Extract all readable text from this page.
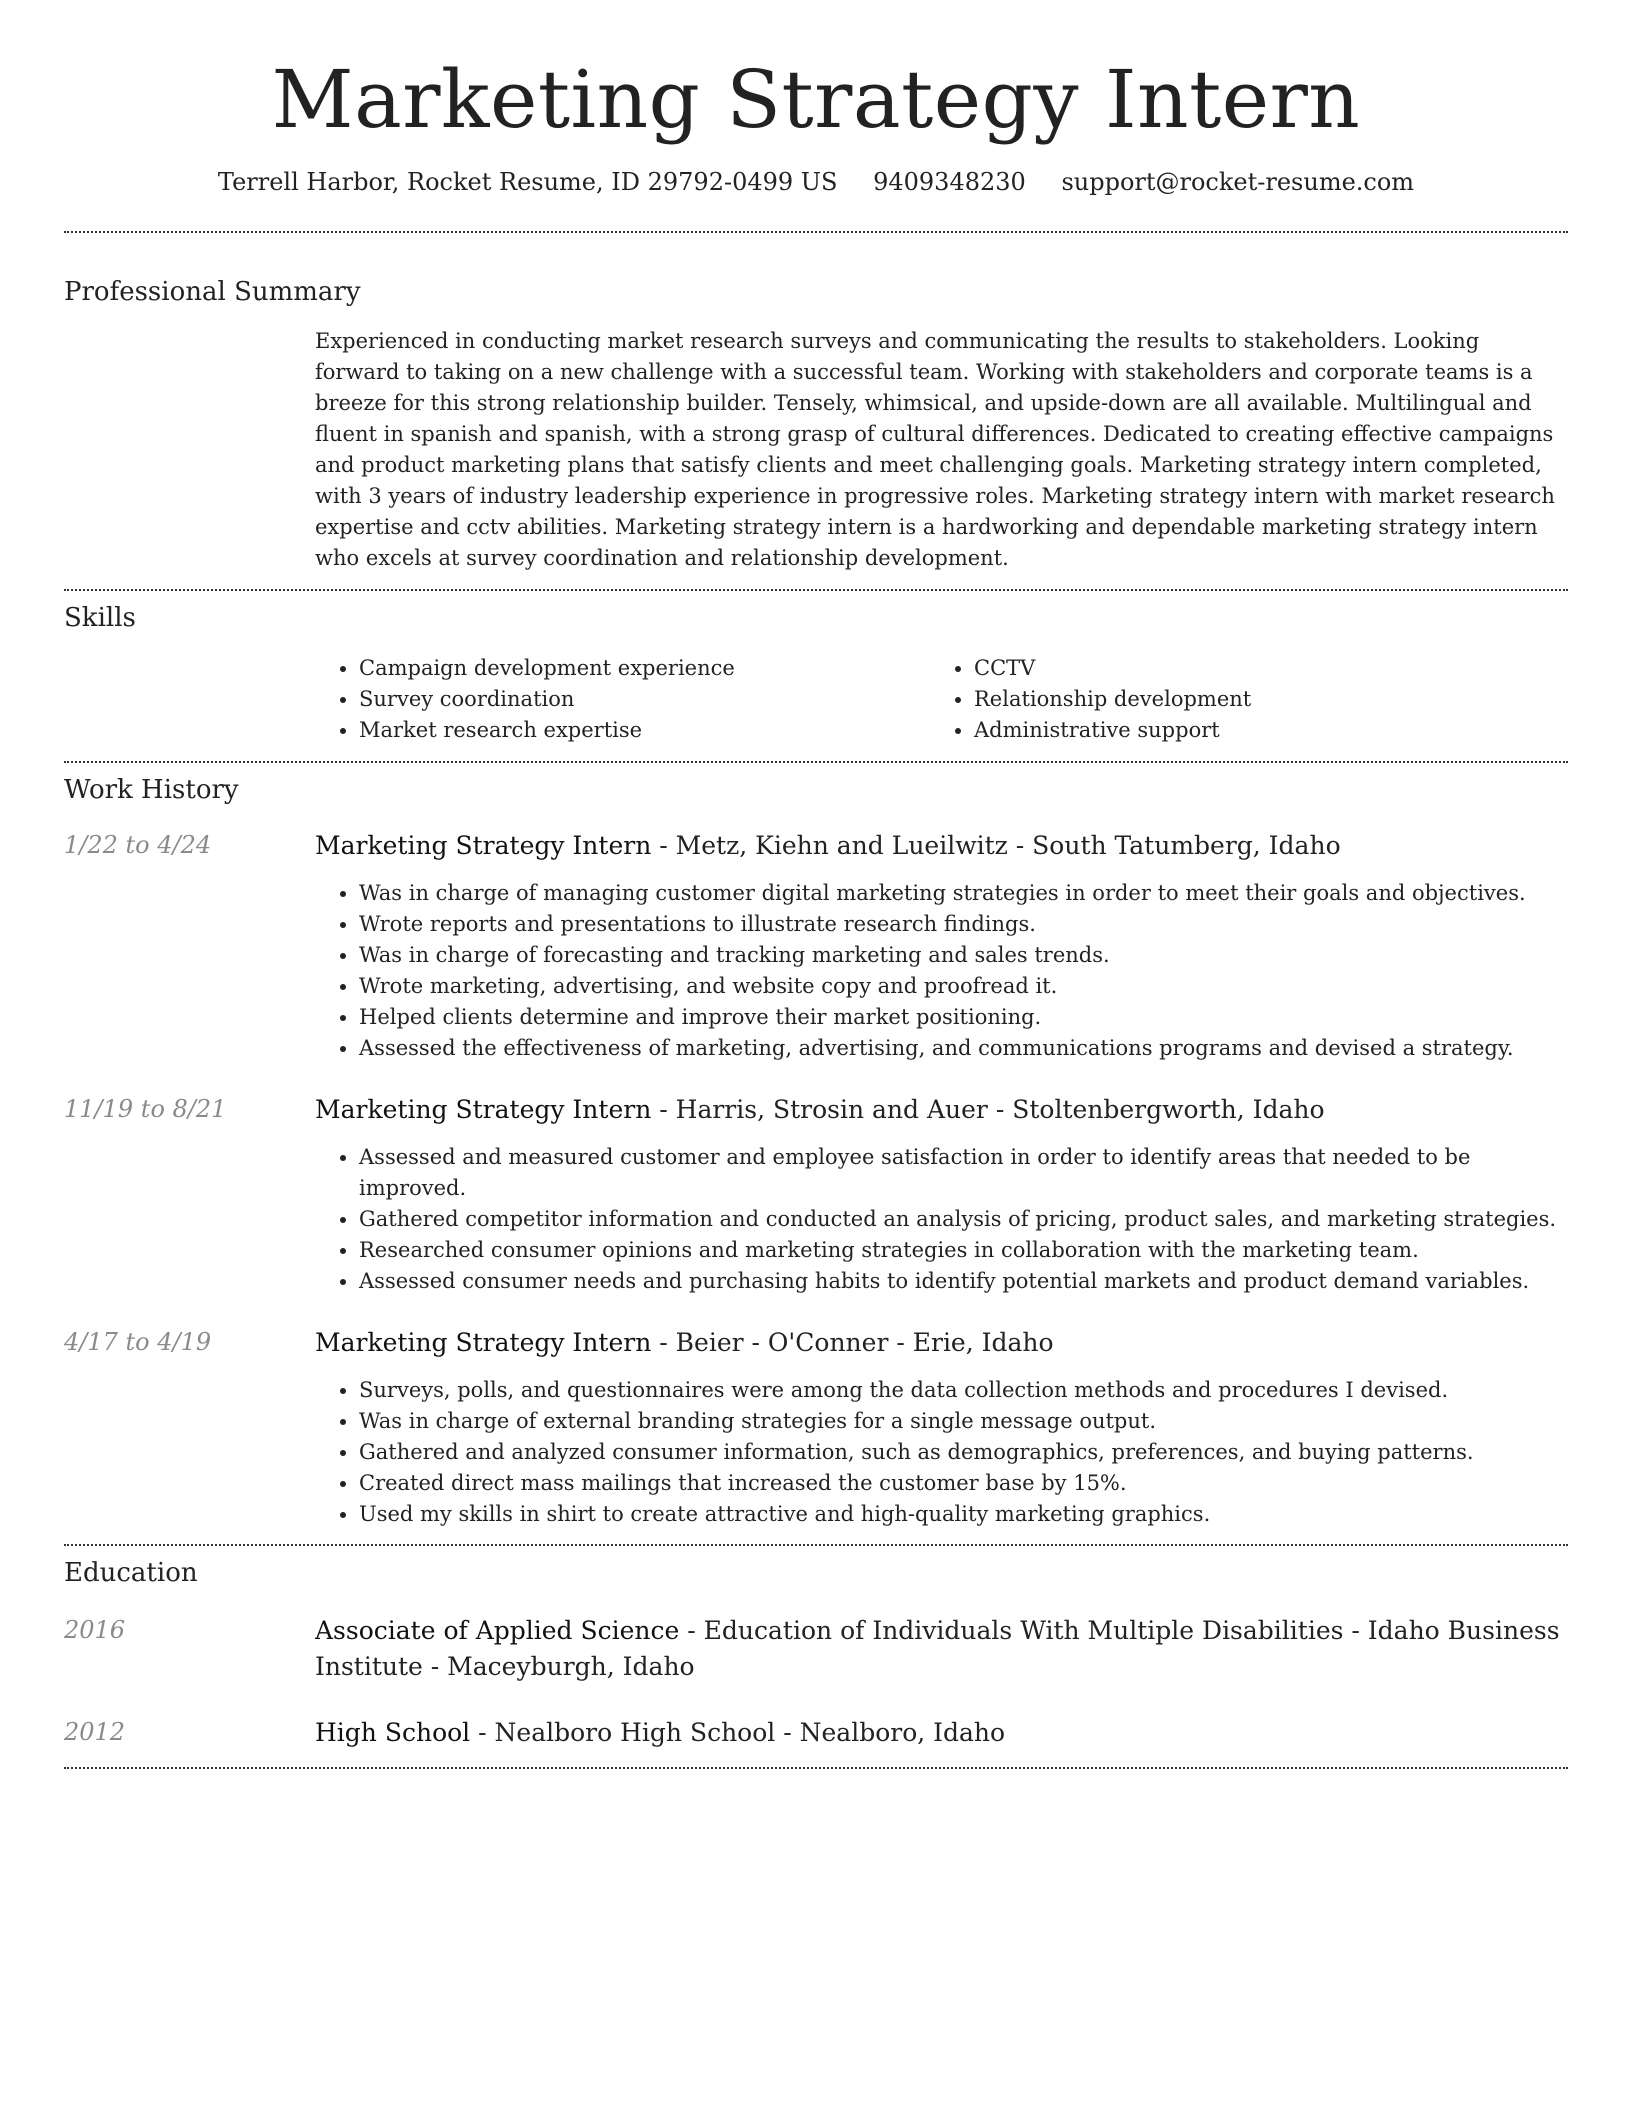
Marketing Strategy Intern
Terrell Harbor, Rocket Resume, ID 29792-0499 US 9409348230 support@rocket-resume.com
Professional Summary

Experienced in conducting market research surveys and communicating the results to stakeholders. Looking forward to taking on a new challenge with a successful team. Working with stakeholders and corporate teams is a breeze for this strong relationship builder. Tensely, whimsical, and upside-down are all available. Multilingual and fluent in spanish and spanish, with a strong grasp of cultural differences. Dedicated to creating effective campaigns and product marketing plans that satisfy clients and meet challenging goals. Marketing strategy intern completed, with 3 years of industry leadership experience in progressive roles. Marketing strategy intern with market research expertise and cctv abilities. Marketing strategy intern is a hardworking and dependable marketing strategy intern who excels at survey coordination and relationship development.

Skills
• Campaign development experience
• Survey coordination
• Market research expertise
• CCTV
• Relationship development
• Administrative support
Work History
1/22 to 4/24	Marketing Strategy Intern - Metz, Kiehn and Lueilwitz - South Tatumberg, Idaho
• Was in charge of managing customer digital marketing strategies in order to meet their goals and objectives.
• Wrote reports and presentations to illustrate research findings.
• Was in charge of forecasting and tracking marketing and sales trends.
• Wrote marketing, advertising, and website copy and proofread it.
• Helped clients determine and improve their market positioning.
• Assessed the effectiveness of marketing, advertising, and communications programs and devised a strategy.
11/19 to 8/21	Marketing Strategy Intern - Harris, Strosin and Auer - Stoltenbergworth, Idaho
• Assessed and measured customer and employee satisfaction in order to identify areas that needed to be improved.
• Gathered competitor information and conducted an analysis of pricing, product sales, and marketing strategies.
• Researched consumer opinions and marketing strategies in collaboration with the marketing team.
• Assessed consumer needs and purchasing habits to identify potential markets and product demand variables.
4/17 to 4/19	Marketing Strategy Intern - Beier - O'Conner - Erie, Idaho
• Surveys, polls, and questionnaires were among the data collection methods and procedures I devised.
• Was in charge of external branding strategies for a single message output.
• Gathered and analyzed consumer information, such as demographics, preferences, and buying patterns.
• Created direct mass mailings that increased the customer base by 15%.
• Used my skills in shirt to create attractive and high-quality marketing graphics.
Education
2016	Associate of Applied Science - Education of Individuals With Multiple Disabilities - Idaho Business Institute - Maceyburgh, Idaho
2012	High School - Nealboro High School - Nealboro, Idaho
